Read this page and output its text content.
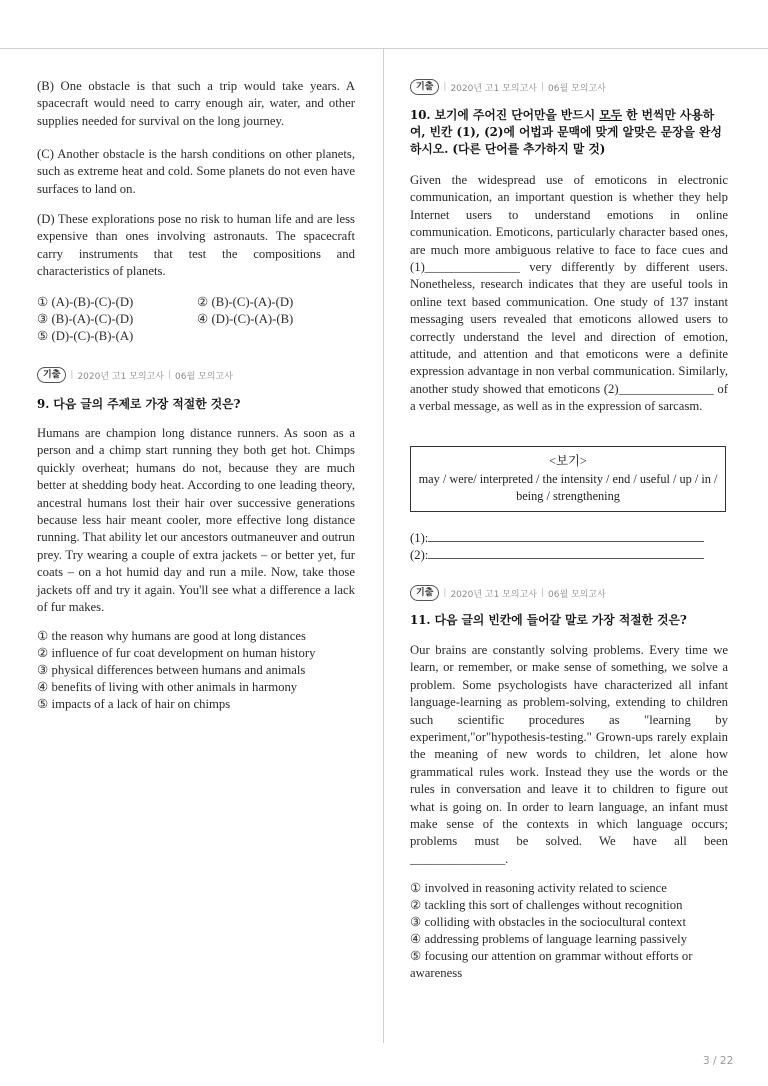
(B) One obstacle is that such a trip would take years. A spacecraft would need to carry enough air, water, and other supplies needed for survival on the long journey.

(C) Another obstacle is the harsh conditions on other planets, such as extreme heat and cold. Some planets do not even have surfaces to land on.

(D) These explorations pose no risk to human life and are less expensive than ones involving astronauts. The spacecraft carry instruments that test the compositions and characteristics of planets.

① (A)-(B)-(C)-(D)	② (B)-(C)-(A)-(D)
③ (B)-(A)-(C)-(D)	④ (D)-(C)-(A)-(B)
⑤ (D)-(C)-(B)-(A)
기출	| 2020년 고1 모의고사 | 06월 모의고사

9. 다음 글의 주제로 가장 적절한 것은?

Humans are champion long distance runners. As soon as a person and a chimp start running they both get hot. Chimps quickly overheat; humans do not, because they are much better at shedding body heat. According to one leading theory, ancestral humans lost their hair over successive generations because less hair meant cooler, more effective long distance running. That ability let our ancestors outmaneuver and outrun prey. Try wearing a couple of extra jackets – or better yet, fur coats – on a hot humid day and run a mile. Now, take those jackets off and try it again. You'll see what a difference a lack of fur makes.

① the reason why humans are good at long distances
② influence of fur coat development on human history
③ physical differences between humans and animals
④ benefits of living with other animals in harmony
⑤ impacts of a lack of hair on chimps
기출	| 2020년 고1 모의고사 | 06월 모의고사

10. 보기에 주어진 단어만을 반드시 모두 한 번씩만 사용하여, 빈칸 (1), (2)에 어법과 문맥에 맞게 알맞은 문장을 완성하시오. (다른 단어를 추가하지 말 것)

Given the widespread use of emoticons in electronic communication, an important question is whether they help Internet users to understand emotions in online communication. Emoticons, particularly character based ones, are much more ambiguous relative to face to face cues and (1)_______________ very differently by different users. Nonetheless, research indicates that they are useful tools in online text based communication. One study of 137 instant messaging users revealed that emoticons allowed users to correctly understand the level and direction of emotion, attitude, and attention and that emoticons were a definite expression advantage in non verbal communication. Similarly, another study showed that emoticons (2)_______________ of a verbal message, as well as in the expression of sarcasm.

<보기>
may / were/ interpreted / the intensity / end / useful / up / in / being / strengthening
(1):
(2):
기출	| 2020년 고1 모의고사 | 06월 모의고사

11. 다음 글의 빈칸에 들어갈 말로 가장 적절한 것은?

Our brains are constantly solving problems. Every time we learn, or remember, or make sense of something, we solve a problem. Some psychologists have characterized all infant language-learning as problem-solving, extending to children such scientific procedures as "learning by experiment,"or"hypothesis-testing." Grown-ups rarely explain the meaning of new words to children, let alone how grammatical rules work. Instead they use the words or the rules in conversation and leave it to children to figure out what is going on. In order to learn language, an infant must make sense of the contexts in which language occurs; problems must be solved. We have all been _______________.

① involved in reasoning activity related to science
② tackling this sort of challenges without recognition
③ colliding with obstacles in the sociocultural context
④ addressing problems of language learning passively
⑤ focusing our attention on grammar without efforts or awareness
3 / 22
